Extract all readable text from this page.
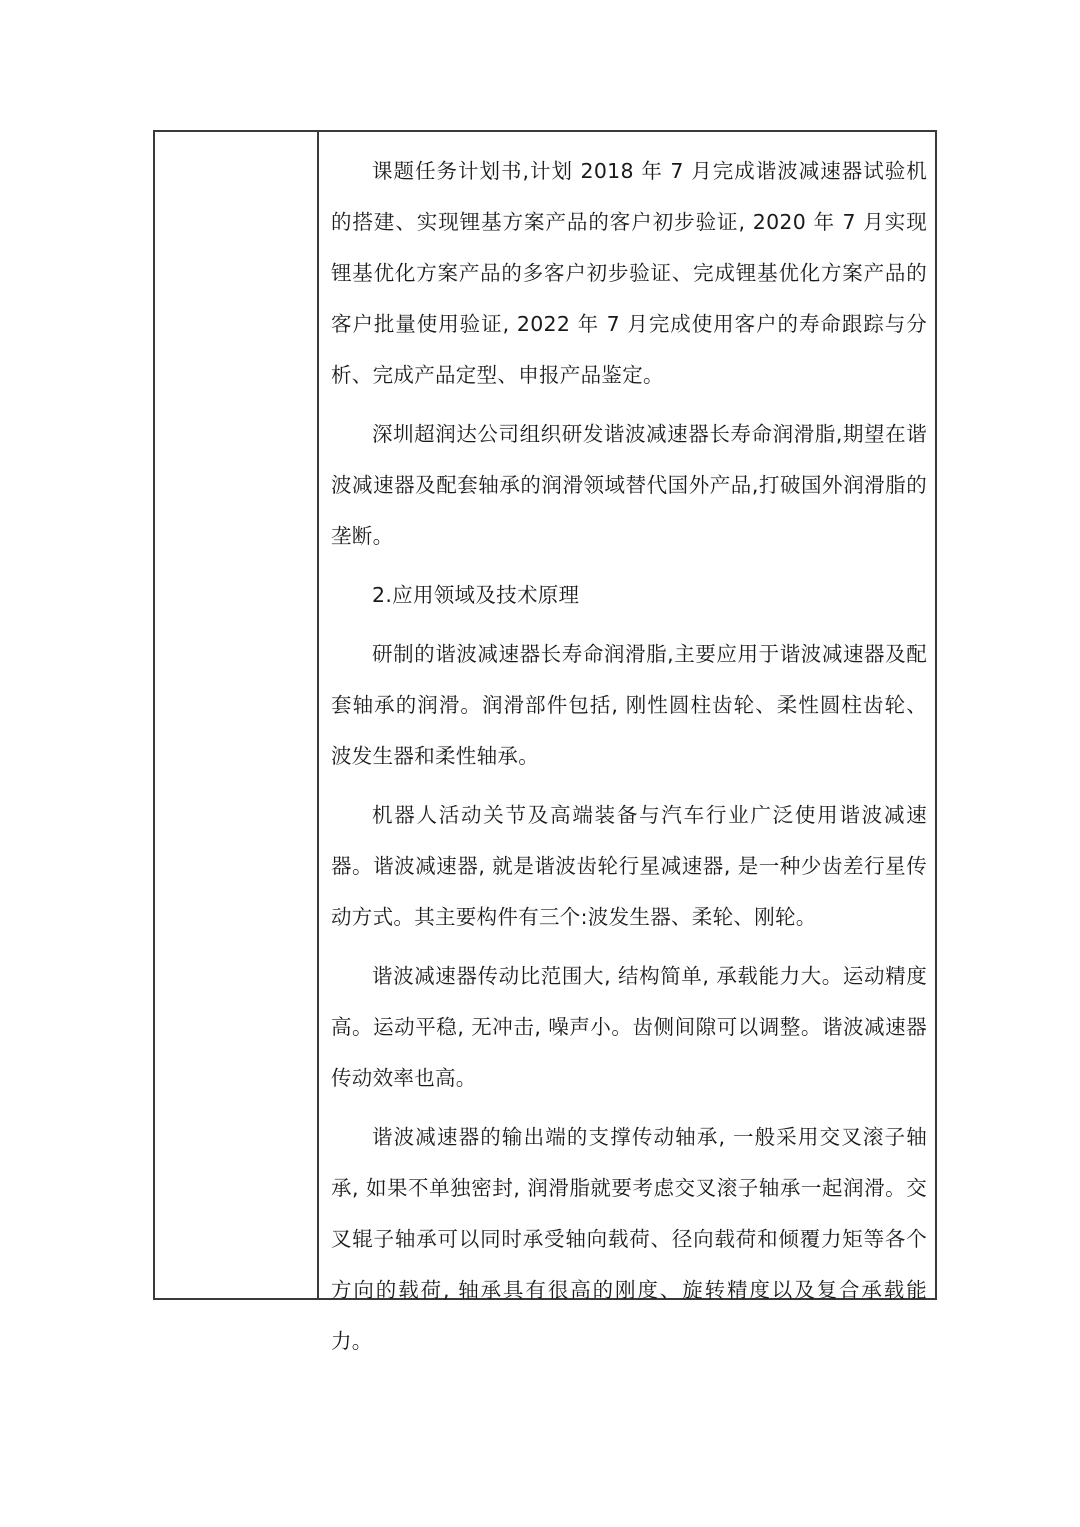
课题任务计划书,计划 2018 年 7 月完成谐波减速器试验机的搭建、实现锂基方案产品的客户初步验证, 2020 年 7 月实现锂基优化方案产品的多客户初步验证、完成锂基优化方案产品的客户批量使用验证, 2022 年 7 月完成使用客户的寿命跟踪与分析、完成产品定型、申报产品鉴定。

深圳超润达公司组织研发谐波减速器长寿命润滑脂,期望在谐波减速器及配套轴承的润滑领域替代国外产品,打破国外润滑脂的垄断。

2.应用领域及技术原理

研制的谐波减速器长寿命润滑脂,主要应用于谐波减速器及配套轴承的润滑。润滑部件包括, 刚性圆柱齿轮、柔性圆柱齿轮、波发生器和柔性轴承。

机器人活动关节及高端装备与汽车行业广泛使用谐波减速器。谐波减速器, 就是谐波齿轮行星减速器, 是一种少齿差行星传动方式。其主要构件有三个:波发生器、柔轮、刚轮。

谐波减速器传动比范围大, 结构简单, 承载能力大。运动精度高。运动平稳, 无冲击, 噪声小。齿侧间隙可以调整。谐波减速器传动效率也高。

谐波减速器的输出端的支撑传动轴承, 一般采用交叉滚子轴承, 如果不单独密封, 润滑脂就要考虑交叉滚子轴承一起润滑。交叉辊子轴承可以同时承受轴向载荷、径向载荷和倾覆力矩等各个方向的载荷, 轴承具有很高的刚度、旋转精度以及复合承载能力。
